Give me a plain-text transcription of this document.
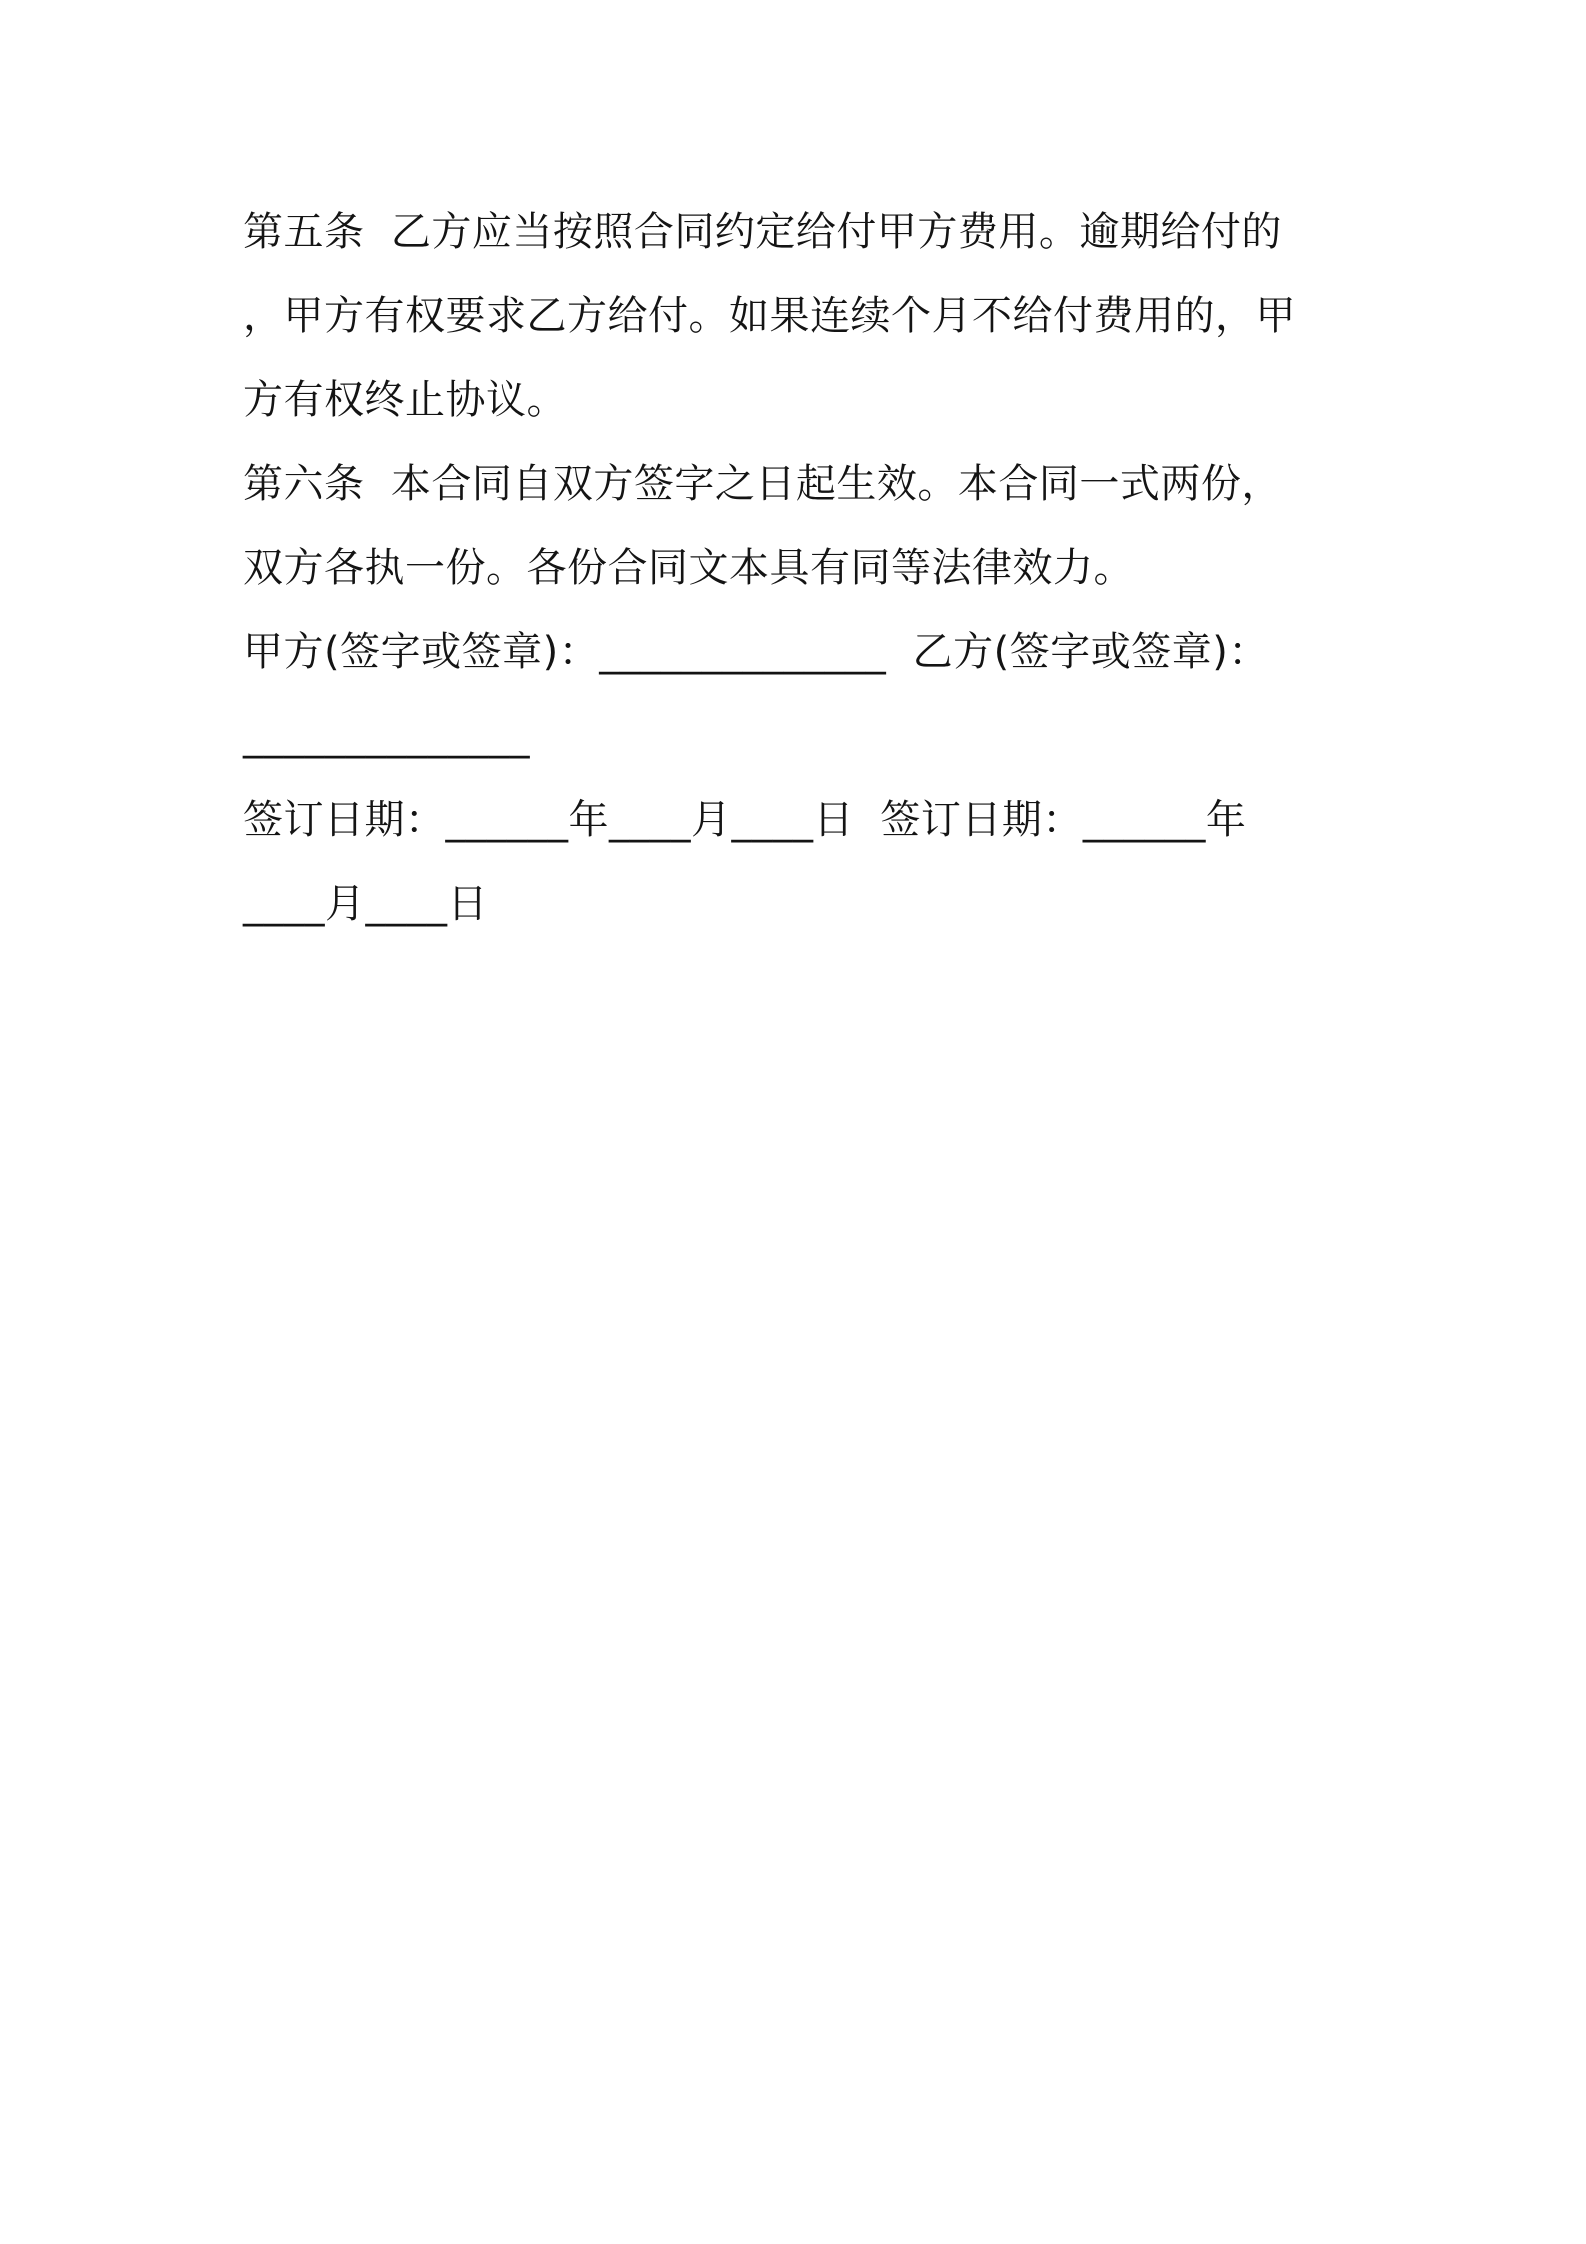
第五条  乙方应当按照合同约定给付甲方费用。逾期给付的
，甲方有权要求乙方给付。如果连续个月不给付费用的，甲
方有权终止协议。
第六条  本合同自双方签字之日起生效。本合同一式两份，
双方各执一份。各份合同文本具有同等法律效力。
甲方(签字或签章)：______________  乙方(签字或签章)：
______________
签订日期：______年____月____日  签订日期：______年
____月____日
